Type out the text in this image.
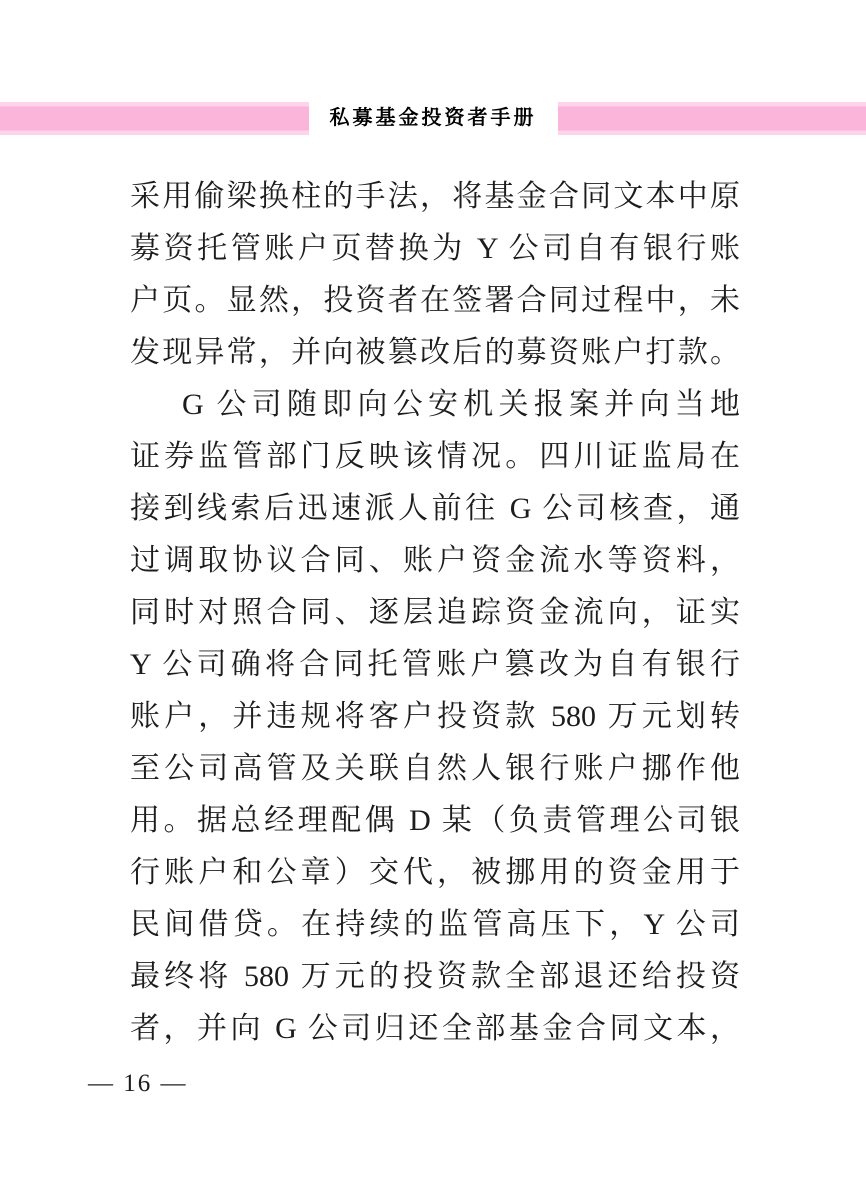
私募基金投资者手册
采用偷梁换柱的手法，将基金合同文本中原
募资托管账户页替换为 Y 公司自有银行账
户页。显然，投资者在签署合同过程中，未
发现异常，并向被篡改后的募资账户打款。
G 公司随即向公安机关报案并向当地
证券监管部门反映该情况。四川证监局在
接到线索后迅速派人前往 G 公司核查，通
过调取协议合同、账户资金流水等资料，
同时对照合同、逐层追踪资金流向，证实
Y 公司确将合同托管账户篡改为自有银行
账户，并违规将客户投资款 580 万元划转
至公司高管及关联自然人银行账户挪作他
用。据总经理配偶 D 某（负责管理公司银
行账户和公章）交代，被挪用的资金用于
民间借贷。在持续的监管高压下，Y 公司
最终将 580 万元的投资款全部退还给投资
者，并向 G 公司归还全部基金合同文本，
— 16 —
